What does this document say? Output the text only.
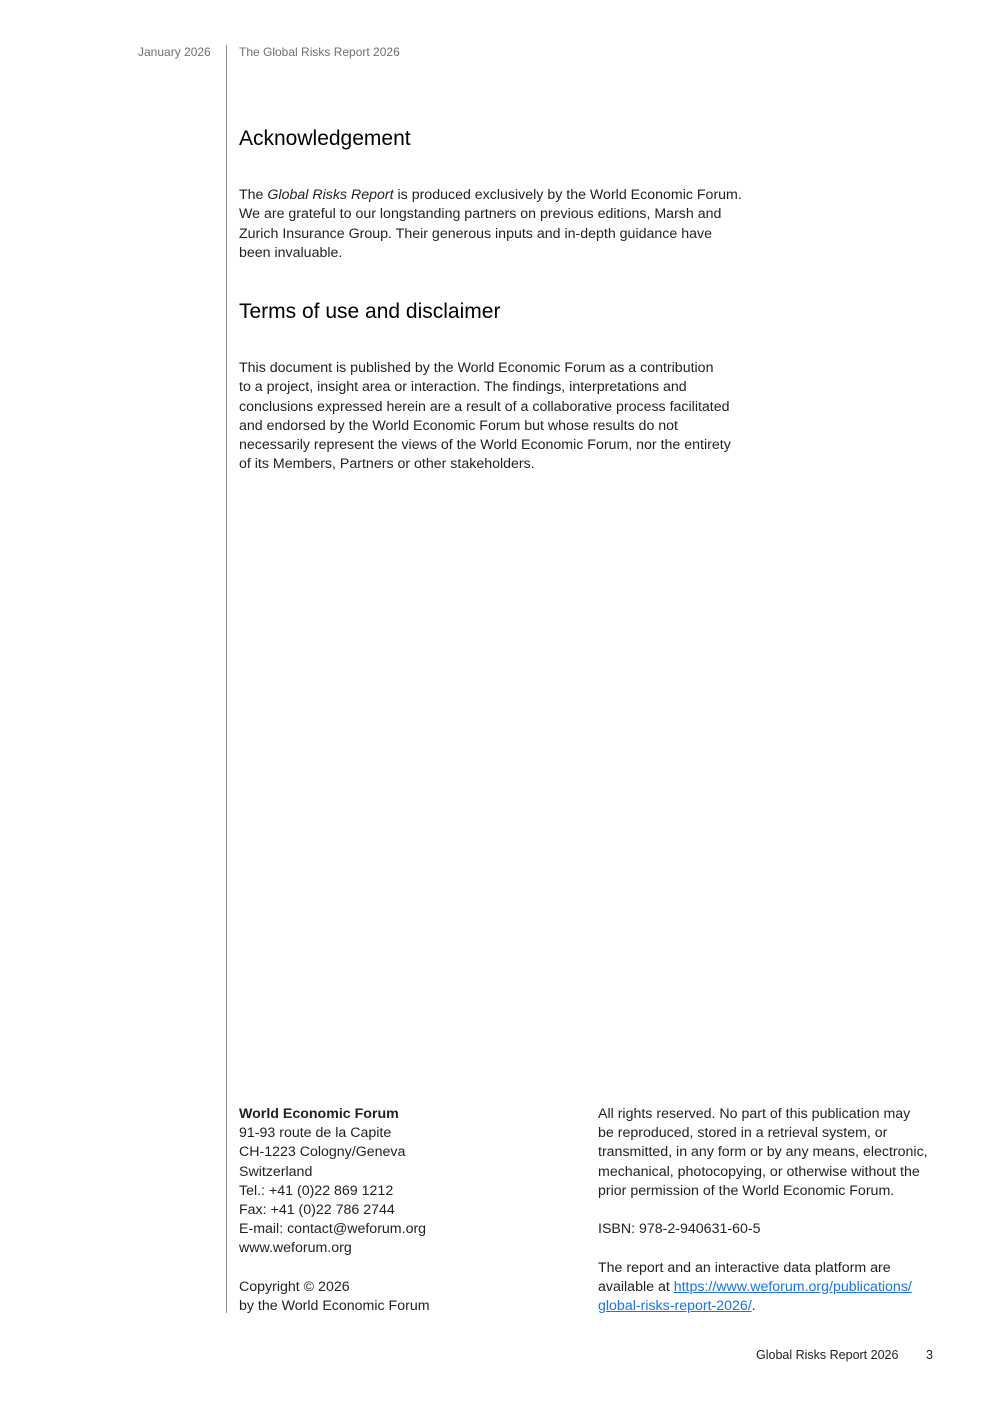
January 2026 The Global Risks Report 2026
Acknowledgement
The Global Risks Report is produced exclusively by the World Economic Forum.
We are grateful to our longstanding partners on previous editions, Marsh and
Zurich Insurance Group. Their generous inputs and in-depth guidance have
been invaluable.
Terms of use and disclaimer
This document is published by the World Economic Forum as a contribution
to a project, insight area or interaction. The findings, interpretations and
conclusions expressed herein are a result of a collaborative process facilitated
and endorsed by the World Economic Forum but whose results do not
necessarily represent the views of the World Economic Forum, nor the entirety
of its Members, Partners or other stakeholders.
World Economic Forum
91-93 route de la Capite
CH-1223 Cologny/Geneva
Switzerland
Tel.: +41 (0)22 869 1212
Fax: +41 (0)22 786 2744
E-mail: contact@weforum.org
www.weforum.org
Copyright © 2026
by the World Economic Forum
All rights reserved. No part of this publication may
be reproduced, stored in a retrieval system, or
transmitted, in any form or by any means, electronic,
mechanical, photocopying, or otherwise without the
prior permission of the World Economic Forum.
ISBN: 978-2-940631-60-5
The report and an interactive data platform are
available at https://www.weforum.org/publications/
global-risks-report-2026/.
Global Risks Report 2026 3
